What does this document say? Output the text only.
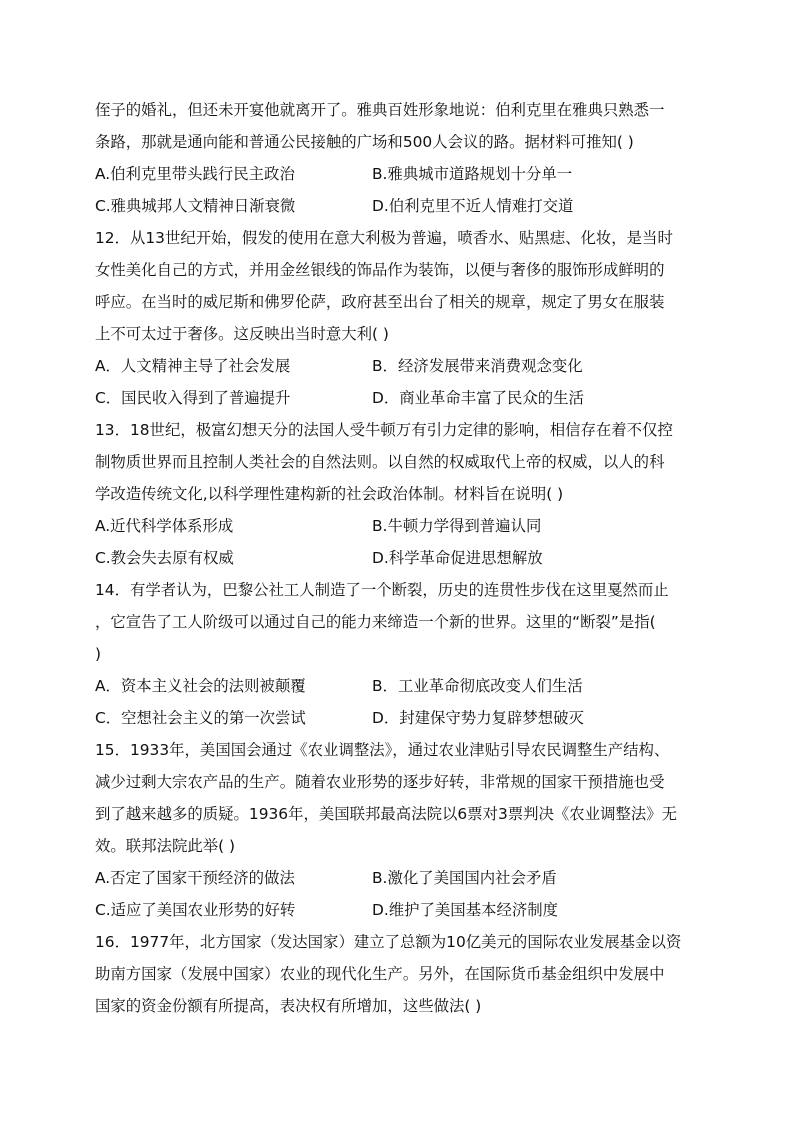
侄子的婚礼，但还未开宴他就离开了。雅典百姓形象地说：伯利克里在雅典只熟悉一
条路，那就是通向能和普通公民接触的广场和500人会议的路。据材料可推知( )
A.伯利克里带头践行民主政治	B.雅典城市道路规划十分单一
C.雅典城邦人文精神日渐衰微	D.伯利克里不近人情难打交道
12．从13世纪开始，假发的使用在意大利极为普遍，喷香水、贴黑痣、化妆，是当时
女性美化自己的方式，并用金丝银线的饰品作为装饰，以便与奢侈的服饰形成鲜明的
呼应。在当时的威尼斯和佛罗伦萨，政府甚至出台了相关的规章，规定了男女在服装
上不可太过于奢侈。这反映出当时意大利( )
A．人文精神主导了社会发展	B．经济发展带来消费观念变化
C．国民收入得到了普遍提升	D．商业革命丰富了民众的生活
13．18世纪，极富幻想天分的法国人受牛顿万有引力定律的影响，相信存在着不仅控
制物质世界而且控制人类社会的自然法则。以自然的权威取代上帝的权威，以人的科
学改造传统文化,以科学理性建构新的社会政治体制。材料旨在说明( )
A.近代科学体系形成	B.牛顿力学得到普遍认同
C.教会失去原有权威	D.科学革命促进思想解放
14．有学者认为，巴黎公社工人制造了一个断裂，历史的连贯性步伐在这里戛然而止
，它宣告了工人阶级可以通过自己的能力来缔造一个新的世界。这里的“断裂”是指(
)
A．资本主义社会的法则被颠覆	B．工业革命彻底改变人们生活
C．空想社会主义的第一次尝试	D．封建保守势力复辟梦想破灭
15．1933年，美国国会通过《农业调整法》，通过农业津贴引导农民调整生产结构、
减少过剩大宗农产品的生产。随着农业形势的逐步好转，非常规的国家干预措施也受
到了越来越多的质疑。1936年，美国联邦最高法院以6票对3票判决《农业调整法》无
效。联邦法院此举( )
A.否定了国家干预经济的做法	B.激化了美国国内社会矛盾
C.适应了美国农业形势的好转	D.维护了美国基本经济制度
16．1977年，北方国家（发达国家）建立了总额为10亿美元的国际农业发展基金以资
助南方国家（发展中国家）农业的现代化生产。另外，在国际货币基金组织中发展中
国家的资金份额有所提高，表决权有所增加，这些做法( )
